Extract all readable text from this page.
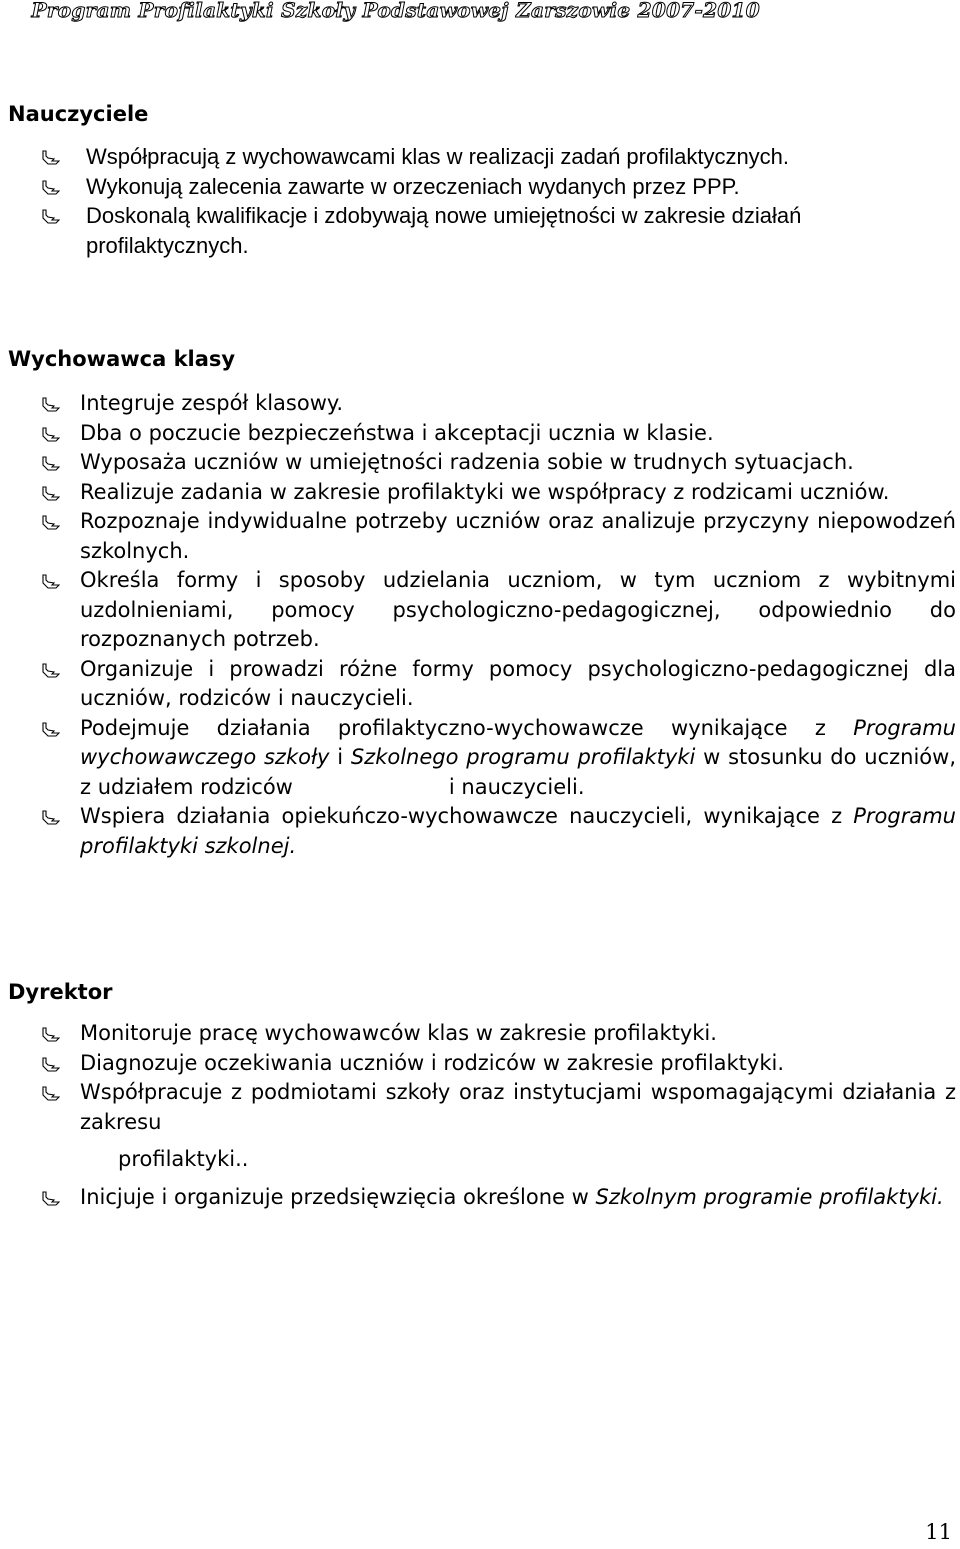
Program Profilaktyki Szkoły Podstawowej Zarszowie 2007-2010
Nauczyciele
Współpracują z wychowawcami klas w realizacji zadań profilaktycznych.
Wykonują zalecenia zawarte w orzeczeniach wydanych przez PPP.
Doskonalą kwalifikacje i zdobywają nowe umiejętności w zakresie działań profilaktycznych.
Wychowawca klasy
Integruje zespół klasowy.
Dba o poczucie bezpieczeństwa i akceptacji ucznia w klasie.
Wyposaża uczniów w umiejętności radzenia sobie w trudnych sytuacjach.
Realizuje zadania w zakresie profilaktyki we współpracy z rodzicami uczniów.
Rozpoznaje indywidualne potrzeby uczniów oraz analizuje przyczyny niepowodzeń szkolnych.
Określa formy i sposoby udzielania uczniom, w tym uczniom z wybitnymi uzdolnieniami, pomocy psychologiczno-pedagogicznej, odpowiednio do rozpoznanych potrzeb.
Organizuje i prowadzi różne formy pomocy psychologiczno-pedagogicznej dla uczniów, rodziców i nauczycieli.
Podejmuje działania profilaktyczno-wychowawcze wynikające z Programu wychowawczego szkoły i Szkolnego programu profilaktyki w stosunku do uczniów, z udziałem rodziców	i nauczycieli.
Wspiera działania opiekuńczo-wychowawcze nauczycieli, wynikające z Programu profilaktyki szkolnej.
Dyrektor
Monitoruje pracę wychowawców klas w zakresie profilaktyki.
Diagnozuje oczekiwania uczniów i rodziców w zakresie profilaktyki.
Współpracuje z podmiotami szkoły oraz instytucjami wspomagającymi działania z zakresu
profilaktyki..
Inicjuje i organizuje przedsięwzięcia określone w Szkolnym programie profilaktyki.
11
